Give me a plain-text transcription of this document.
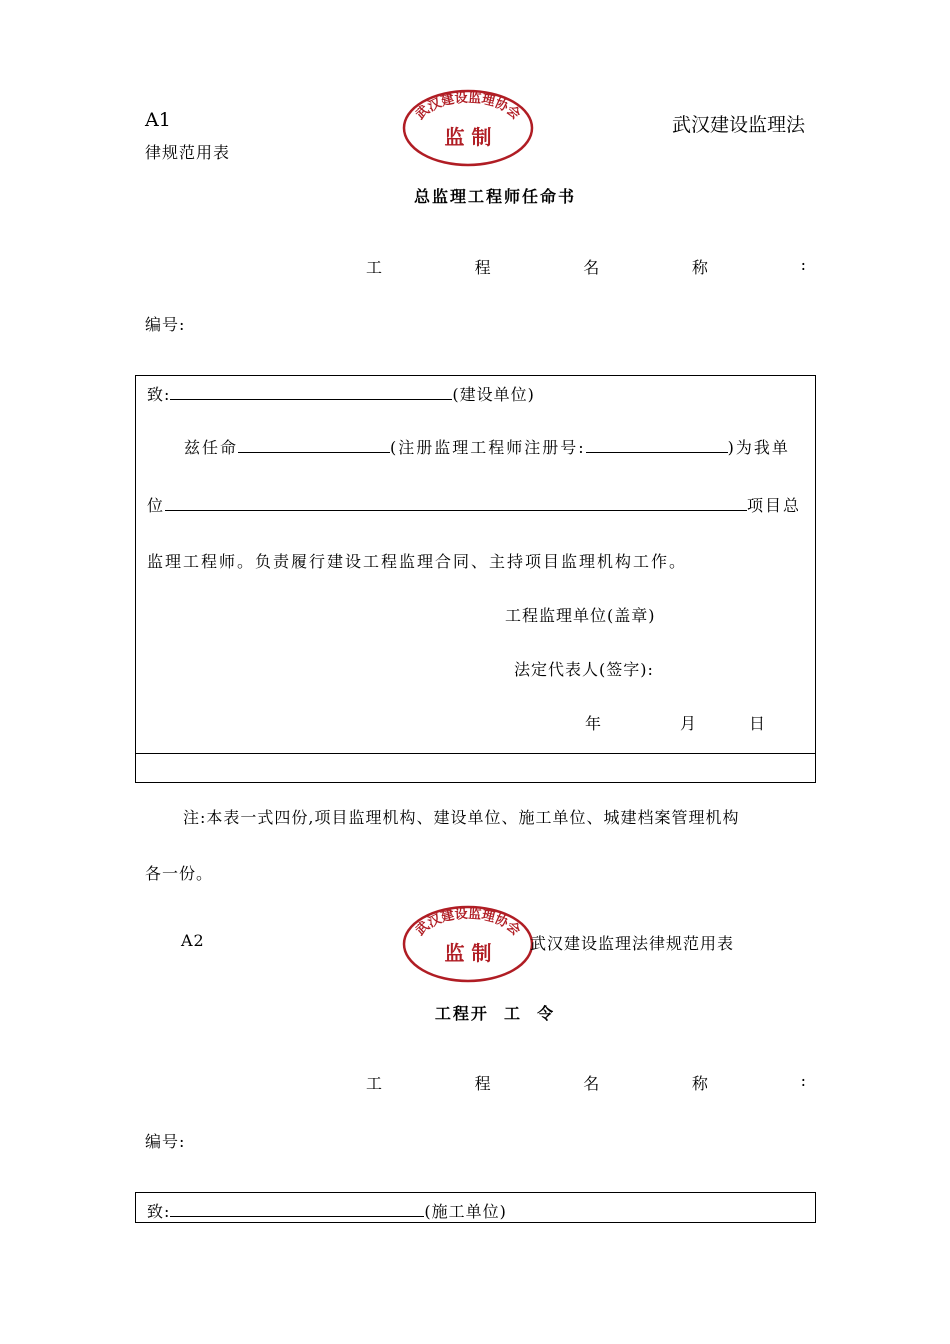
A1
律规范用表
武汉建设监理法
武汉建设监理协会
监 制
总监理工程师任命书
工	程	名	称	:
编号:
致:	(建设单位)
兹任命	(注册监理工程师注册号:	)为我单
位	项目总
监理工程师。负责履行建设工程监理合同、主持项目监理机构工作。
工程监理单位(盖章)
法定代表人(签字):
年	月	日
注:本表一式四份,项目监理机构、建设单位、施工单位、城建档案管理机构
各一份。
A2
武汉建设监理协会
监 制 武汉建设监理法律规范用表
工程开  工  令
工	程	名	称	:
编号:
致:	(施工单位)
